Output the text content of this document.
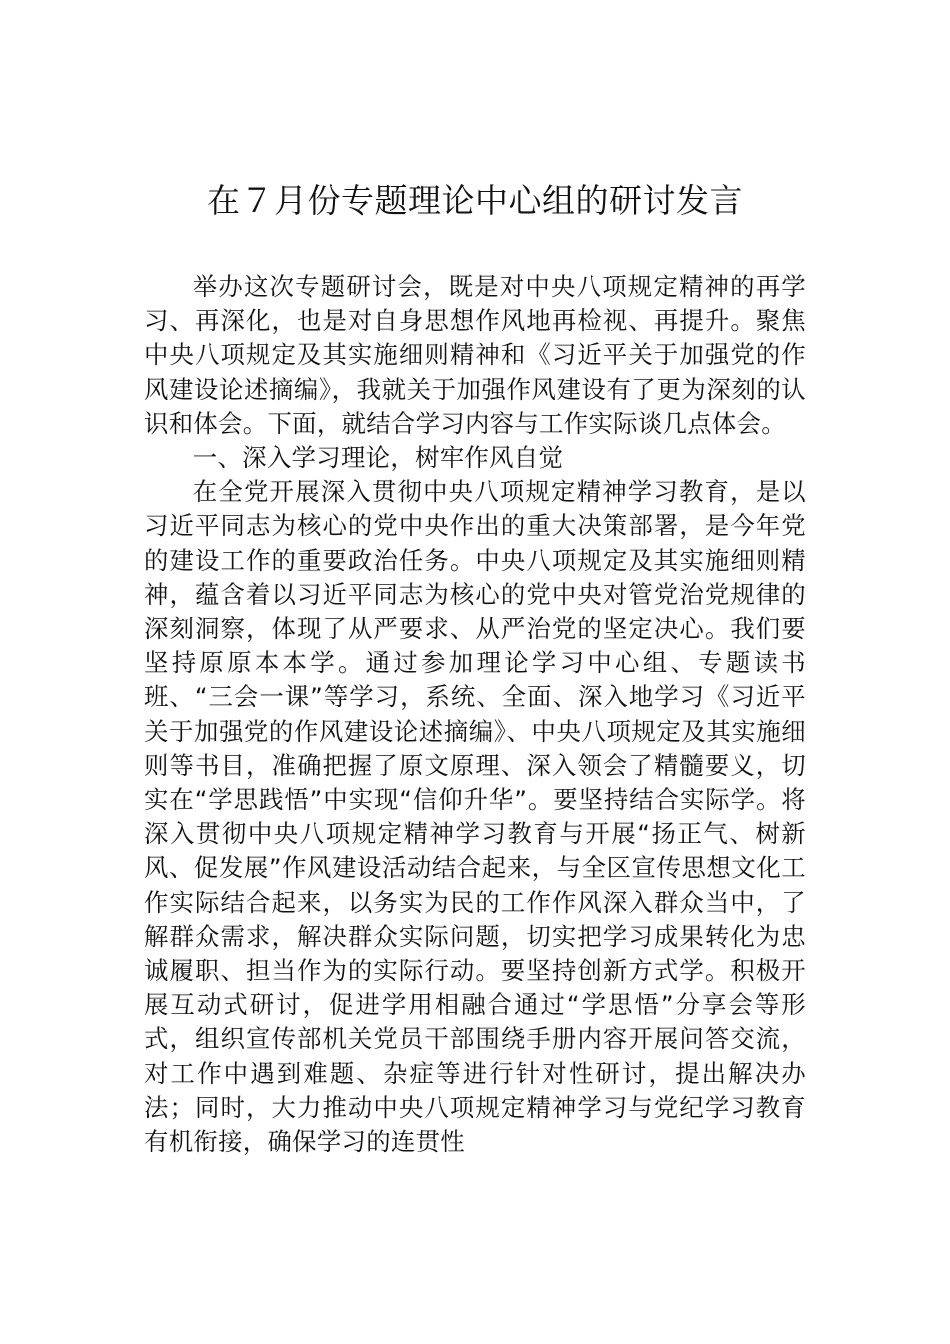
在７月份专题理论中心组的研讨发言

举办这次专题研讨会，既是对中央八项规定精神的再学习、再深化，也是对自身思想作风地再检视、再提升。聚焦中央八项规定及其实施细则精神和《习近平关于加强党的作风建设论述摘编》，我就关于加强作风建设有了更为深刻的认识和体会。下面，就结合学习内容与工作实际谈几点体会。

一、深入学习理论，树牢作风自觉

在全党开展深入贯彻中央八项规定精神学习教育，是以习近平同志为核心的党中央作出的重大决策部署，是今年党的建设工作的重要政治任务。中央八项规定及其实施细则精神，蕴含着以习近平同志为核心的党中央对管党治党规律的深刻洞察，体现了从严要求、从严治党的坚定决心。我们要坚持原原本本学。通过参加理论学习中心组、专题读书班、“三会一课”等学习，系统、全面、深入地学习《习近平关于加强党的作风建设论述摘编》、中央八项规定及其实施细则等书目，准确把握了原文原理、深入领会了精髓要义，切实在“学思践悟”中实现“信仰升华”。要坚持结合实际学。将深入贯彻中央八项规定精神学习教育与开展“扬正气、树新风、促发展”作风建设活动结合起来，与全区宣传思想文化工作实际结合起来，以务实为民的工作作风深入群众当中，了解群众需求，解决群众实际问题，切实把学习成果转化为忠诚履职、担当作为的实际行动。要坚持创新方式学。积极开展互动式研讨，促进学用相融合通过“学思悟”分享会等形式，组织宣传部机关党员干部围绕手册内容开展问答交流，对工作中遇到难题、杂症等进行针对性研讨，提出解决办法；同时，大力推动中央八项规定精神学习与党纪学习教育有机衔接，确保学习的连贯性
